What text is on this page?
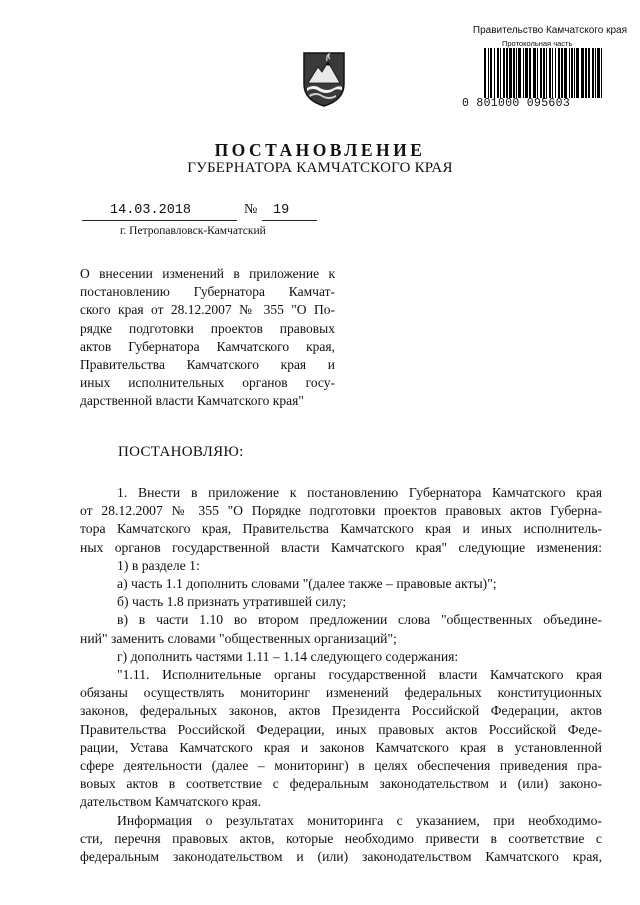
Правительство Камчатского края
Протокольная часть
0 801000 095603
ПОСТАНОВЛЕНИЕ
ГУБЕРНАТОРА КАМЧАТСКОГО КРАЯ
14.03.2018	№ 19
г. Петропавловск-Камчатский
О внесении изменений в приложение к
постановлению Губернатора Камчат-
ского края от 28.12.2007 № 355 "О По-
рядке подготовки проектов правовых
актов Губернатора Камчатского края,
Правительства Камчатского края и
иных исполнительных органов госу-
дарственной власти Камчатского края"
ПОСТАНОВЛЯЮ:

1. Внести в приложение к постановлению Губернатора Камчатского края
от 28.12.2007 № 355 "О Порядке подготовки проектов правовых актов Губерна-
тора Камчатского края, Правительства Камчатского края и иных исполнитель-
ных органов государственной власти Камчатского края" следующие изменения:

1) в разделе 1:

а) часть 1.1 дополнить словами "(далее также – правовые акты)";

б) часть 1.8 признать утратившей силу;

в) в части 1.10 во втором предложении слова "общественных объедине-
ний" заменить словами "общественных организаций";

г) дополнить частями 1.11 – 1.14 следующего содержания:

"1.11. Исполнительные органы государственной власти Камчатского края
обязаны осуществлять мониторинг изменений федеральных конституционных
законов, федеральных законов, актов Президента Российской Федерации, актов
Правительства Российской Федерации, иных правовых актов Российской Феде-
рации, Устава Камчатского края и законов Камчатского края в установленной
сфере деятельности (далее – мониторинг) в целях обеспечения приведения пра-
вовых актов в соответствие с федеральным законодательством и (или) законо-
дательством Камчатского края.

Информация о результатах мониторинга с указанием, при необходимо-
сти, перечня правовых актов, которые необходимо привести в соответствие с
федеральным законодательством и (или) законодательством Камчатского края,
